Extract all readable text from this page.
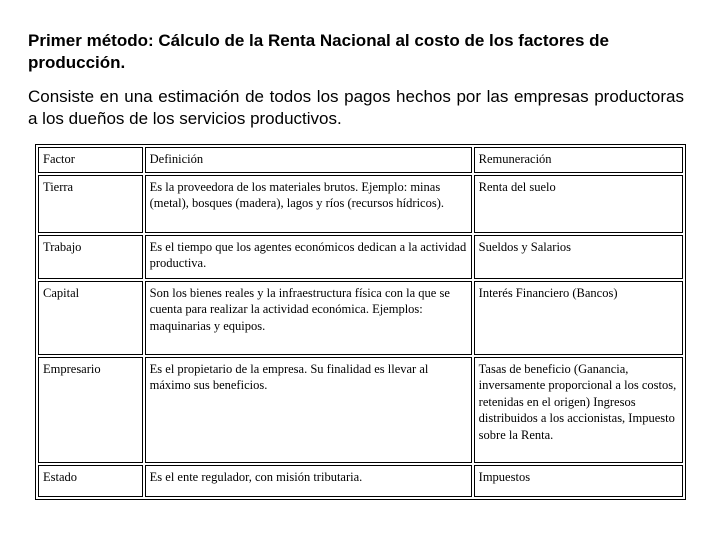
Primer método: Cálculo de la Renta Nacional al costo de los factores de
producción.
Consiste en una estimación de todos los pagos hechos por las empresas productoras a los dueños de los servicios productivos.
Factor	Definición	Remuneración
Tierra	Es la proveedora de los materiales brutos. Ejemplo: minas (metal), bosques (madera), lagos y ríos (recursos hídricos).	Renta del suelo
Trabajo	Es el tiempo que los agentes económicos dedican a la actividad productiva.	Sueldos y Salarios
Capital	Son los bienes reales y la infraestructura física con la que se cuenta para realizar la actividad económica. Ejemplos: maquinarias y equipos.	Interés Financiero (Bancos)
Empresario	Es el propietario de la empresa. Su finalidad es llevar al máximo sus beneficios.	Tasas de beneficio (Ganancia, inversamente proporcional a los costos, retenidas en el origen) Ingresos distribuidos a los accionistas, Impuesto sobre la Renta.
Estado	Es el ente regulador, con misión tributaria.	Impuestos
